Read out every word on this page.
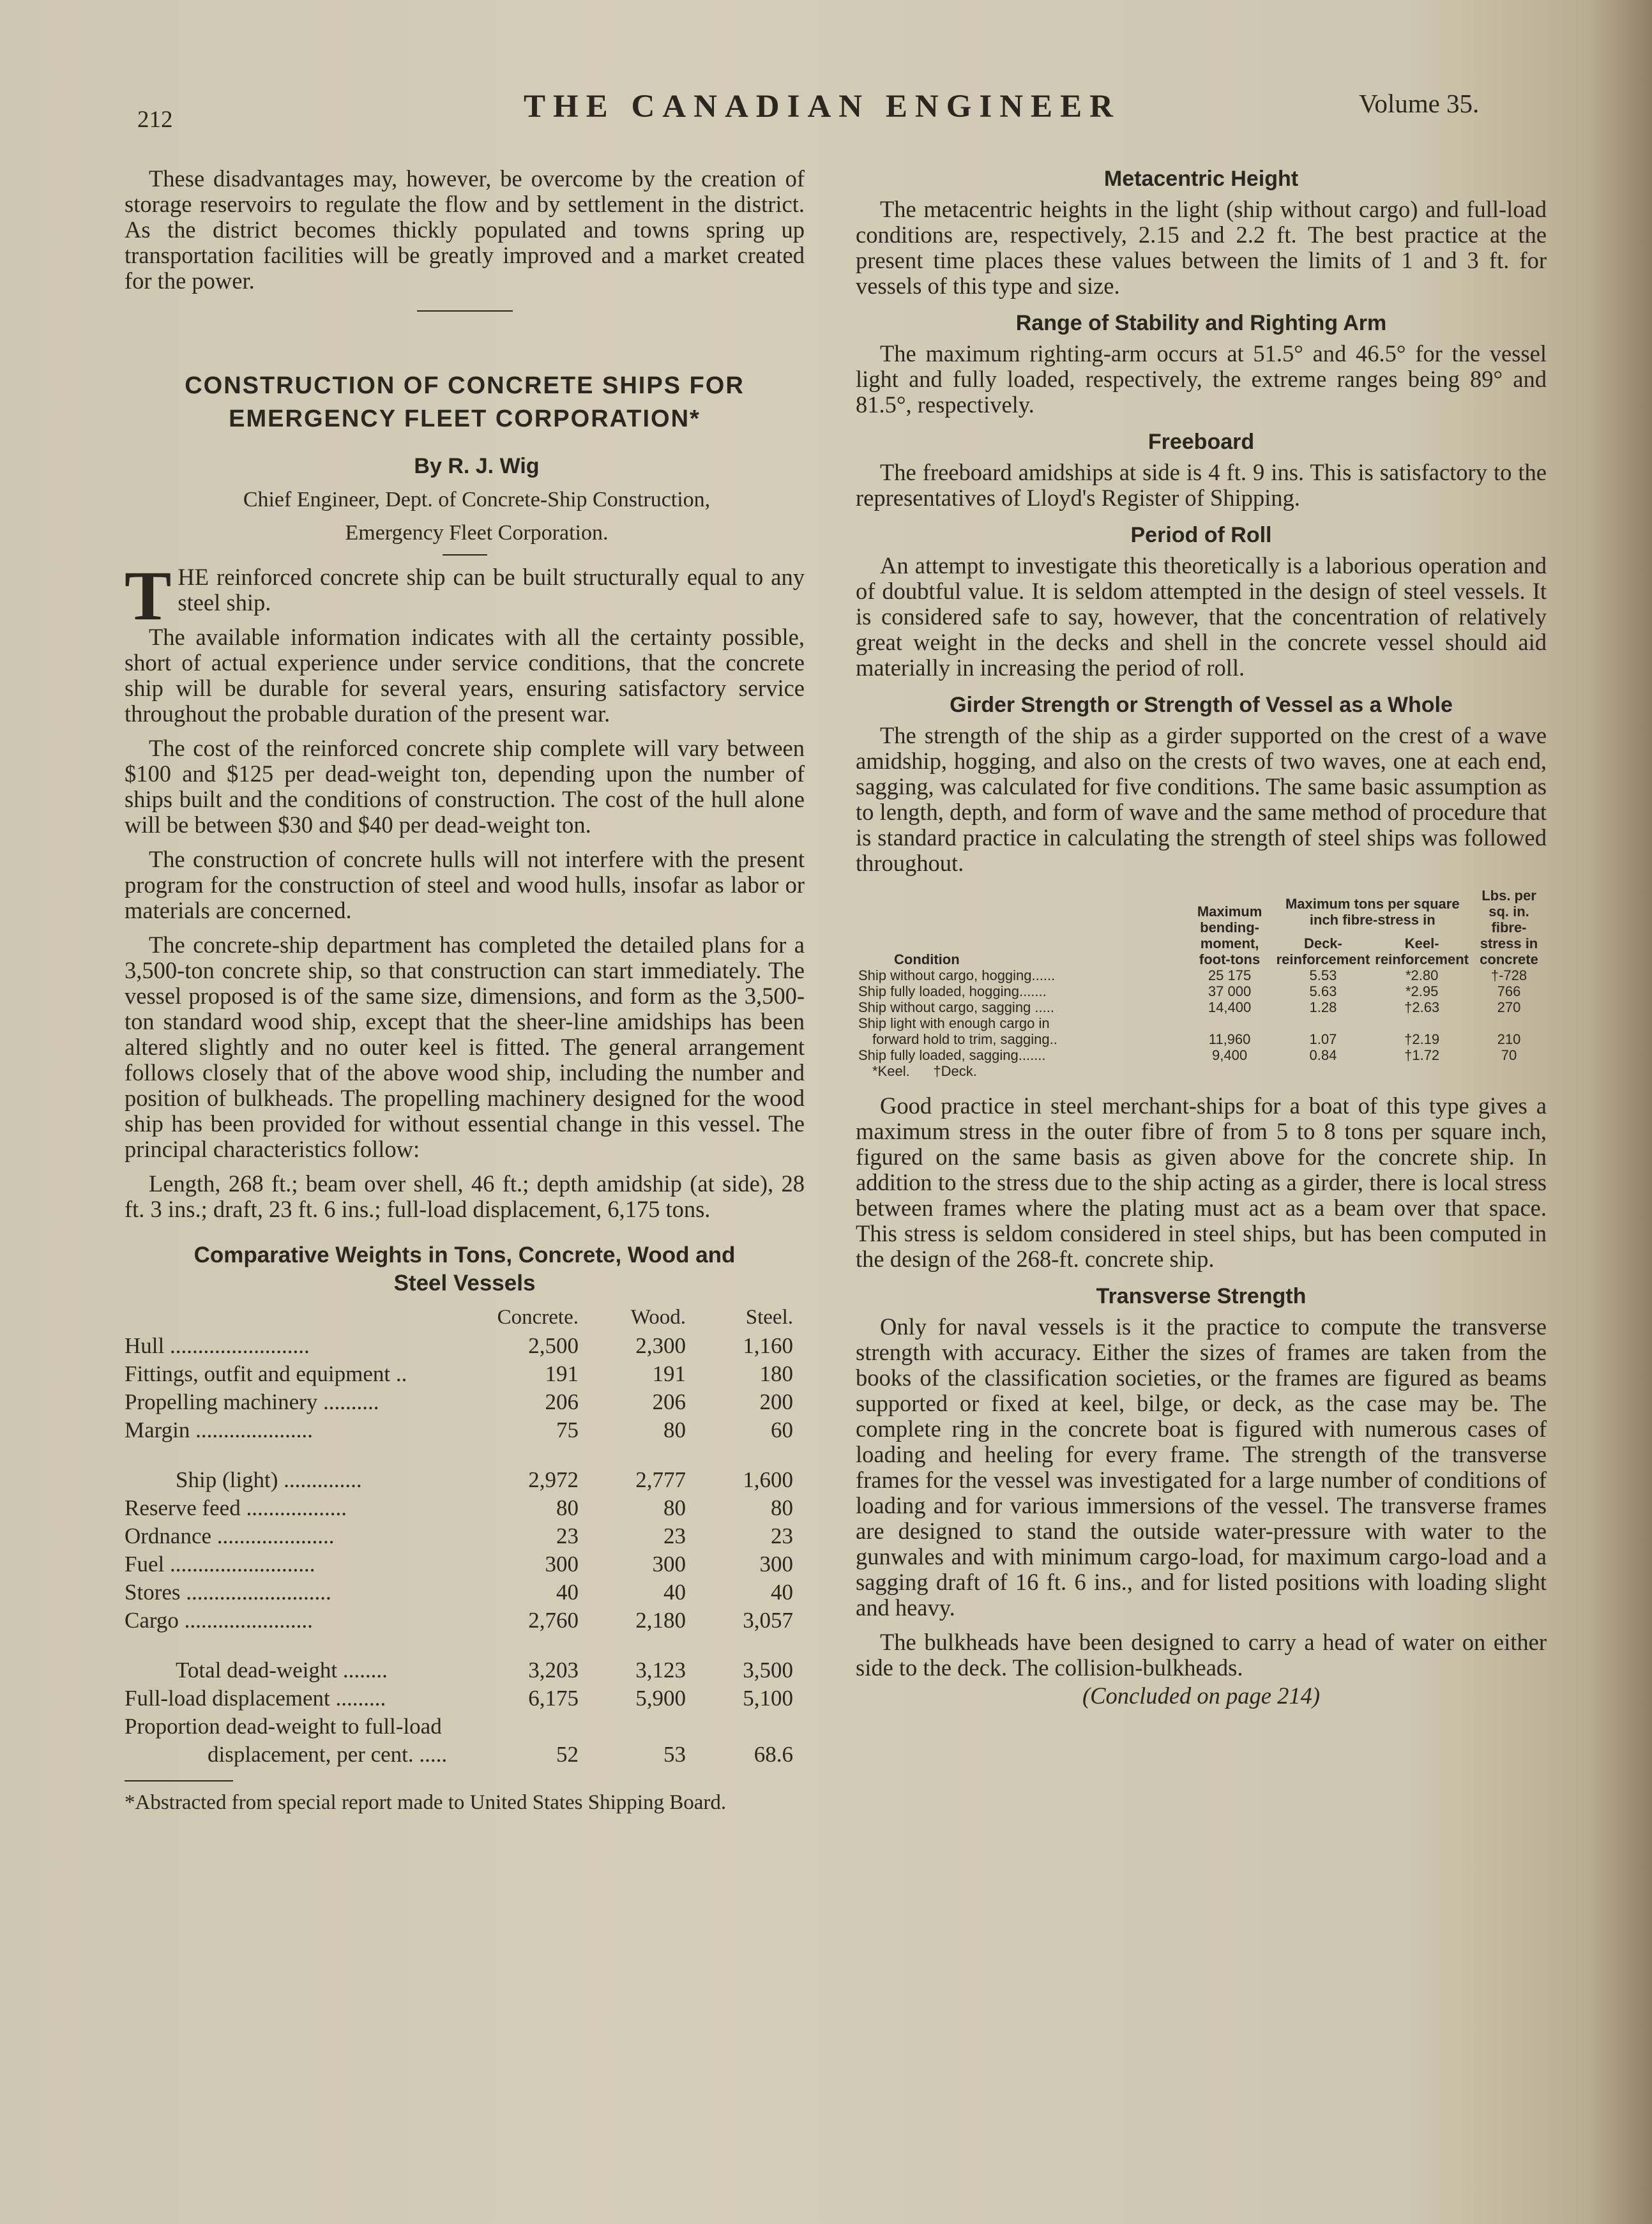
212	THE CANADIAN ENGINEER	Volume 35.

These disadvantages may, however, be overcome by the creation of storage reservoirs to regulate the flow and by settlement in the district. As the district becomes thickly populated and towns spring up transportation facilities will be greatly improved and a market created for the power.

CONSTRUCTION OF CONCRETE SHIPS FOR
EMERGENCY FLEET CORPORATION*

By R. J. Wig

Chief Engineer, Dept. of Concrete-Ship Construction,

Emergency Fleet Corporation.

THE reinforced concrete ship can be built structurally equal to any steel ship.

The available information indicates with all the certainty possible, short of actual experience under service conditions, that the concrete ship will be durable for several years, ensuring satisfactory service throughout the probable duration of the present war.

The cost of the reinforced concrete ship complete will vary between $100 and $125 per dead-weight ton, depending upon the number of ships built and the conditions of construction. The cost of the hull alone will be between $30 and $40 per dead-weight ton.

The construction of concrete hulls will not interfere with the present program for the construction of steel and wood hulls, insofar as labor or materials are concerned.

The concrete-ship department has completed the detailed plans for a 3,500-ton concrete ship, so that construction can start immediately. The vessel proposed is of the same size, dimensions, and form as the 3,500-ton standard wood ship, except that the sheer-line amidships has been altered slightly and no outer keel is fitted. The general arrangement follows closely that of the above wood ship, including the number and position of bulkheads. The propelling machinery designed for the wood ship has been provided for without essential change in this vessel. The principal characteristics follow:

Length, 268 ft.; beam over shell, 46 ft.; depth amidship (at side), 28 ft. 3 ins.; draft, 23 ft. 6 ins.; full-load displacement, 6,175 tons.

Comparative Weights in Tons, Concrete, Wood and
Steel Vessels
	Concrete.	Wood.	Steel.
Hull .........................	2,500	2,300	1,160
Fittings, outfit and equipment ..	191	191	180
Propelling machinery ..........	206	206	200
Margin .....................	75	80	60

Ship (light) ..............	2,972	2,777	1,600
Reserve feed ..................	80	80	80
Ordnance .....................	23	23	23
Fuel ..........................	300	300	300
Stores ..........................	40	40	40
Cargo .......................	2,760	2,180	3,057

Total dead-weight ........	3,203	3,123	3,500
Full-load displacement .........	6,175	5,900	5,100
Proportion dead-weight to full-load			
displacement, per cent. .....	52	53	68.6
*Abstracted from special report made to United States Shipping Board.
Metacentric Height

The metacentric heights in the light (ship without cargo) and full-load conditions are, respectively, 2.15 and 2.2 ft. The best practice at the present time places these values between the limits of 1 and 3 ft. for vessels of this type and size.

Range of Stability and Righting Arm

The maximum righting-arm occurs at 51.5° and 46.5° for the vessel light and fully loaded, respectively, the extreme ranges being 89° and 81.5°, respectively.

Freeboard

The freeboard amidships at side is 4 ft. 9 ins. This is satisfactory to the representatives of Lloyd's Register of Shipping.

Period of Roll

An attempt to investigate this theoretically is a laborious operation and of doubtful value. It is seldom attempted in the design of steel vessels. It is considered safe to say, however, that the concentration of relatively great weight in the decks and shell in the concrete vessel should aid materially in increasing the period of roll.

Girder Strength or Strength of Vessel as a Whole

The strength of the ship as a girder supported on the crest of a wave amidship, hogging, and also on the crests of two waves, one at each end, sagging, was calculated for five conditions. The same basic assumption as to length, depth, and form of wave and the same method of procedure that is standard practice in calculating the strength of steel ships was followed throughout.

Condition	Maximum bending-moment, foot-tons	Maximum tons per square inch fibre-stress in		Lbs. per sq. in. fibre-stress in concrete
		Deck-reinforcement	Keel-reinforcement	
Ship without cargo, hogging......	25 175	5.53	*2.80	†-728
Ship fully loaded, hogging.......	37 000	5.63	*2.95	766
Ship without cargo, sagging .....	14,400	1.28	†2.63	270
Ship light with enough cargo in				
forward hold to trim, sagging..	11,960	1.07	†2.19	210
Ship fully loaded, sagging.......	9,400	0.84	†1.72	70
*Keel.      †Deck.				

Good practice in steel merchant-ships for a boat of this type gives a maximum stress in the outer fibre of from 5 to 8 tons per square inch, figured on the same basis as given above for the concrete ship. In addition to the stress due to the ship acting as a girder, there is local stress between frames where the plating must act as a beam over that space. This stress is seldom considered in steel ships, but has been computed in the design of the 268-ft. concrete ship.

Transverse Strength

Only for naval vessels is it the practice to compute the transverse strength with accuracy. Either the sizes of frames are taken from the books of the classification societies, or the frames are figured as beams supported or fixed at keel, bilge, or deck, as the case may be. The complete ring in the concrete boat is figured with numerous cases of loading and heeling for every frame. The strength of the transverse frames for the vessel was investigated for a large number of conditions of loading and for various immersions of the vessel. The transverse frames are designed to stand the outside water-pressure with water to the gunwales and with minimum cargo-load, for maximum cargo-load and a sagging draft of 16 ft. 6 ins., and for listed positions with loading slight and heavy.

The bulkheads have been designed to carry a head of water on either side to the deck. The collision-bulkheads.

(Concluded on page 214)
